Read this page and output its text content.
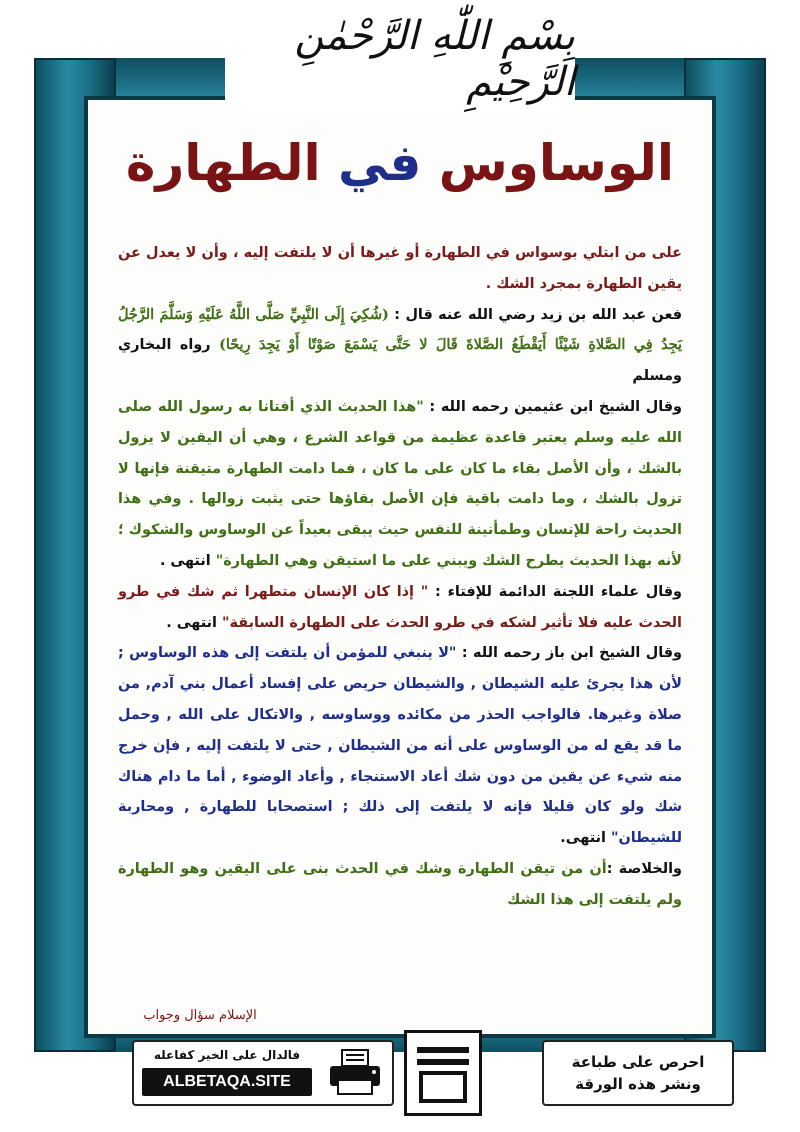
بِسْمِ اللّٰهِ الرَّحْمٰنِ الرَّحِيْمِ
الوساوس في الطهارة

على من ابتلي بوسواس في الطهارة أو غيرها أن لا يلتفت إليه ، وأن لا يعدل عن يقين الطهارة بمجرد الشك .

فعن عبد الله بن زيد رضي الله عنه قال : (شُكِيَ إِلَى النَّبِيِّ صَلَّى اللَّهُ عَلَيْهِ وَسَلَّمَ الرَّجُلُ يَجِدُ فِي الصَّلاةِ شَيْئًا أَيَقْطَعُ الصَّلاةَ قَالَ لا حَتَّى يَسْمَعَ صَوْتًا أَوْ يَجِدَ رِيحًا) رواه البخاري ومسلم

وقال الشيخ ابن عثيمين رحمه الله : "هذا الحديث الذي أفتانا به رسول الله صلى الله عليه وسلم يعتبر قاعدة عظيمة من قواعد الشرع ، وهي أن اليقين لا يزول بالشك ، وأن الأصل بقاء ما كان على ما كان ، فما دامت الطهارة متيقنة فإنها لا تزول بالشك ، وما دامت باقية فإن الأصل بقاؤها حتى يثبت زوالها . وفي هذا الحديث راحة للإنسان وطمأنينة للنفس حيث يبقى بعيداً عن الوساوس والشكوك ؛ لأنه بهذا الحديث يطرح الشك ويبني على ما استيقن وهي الطهارة" انتهى .

وقال علماء اللجنة الدائمة للإفتاء : " إذا كان الإنسان متطهرا ثم شك في طرو الحدث عليه فلا تأثير لشكه في طرو الحدث على الطهارة السابقة" انتهى .

وقال الشيخ ابن باز رحمه الله : "لا ينبغي للمؤمن أن يلتفت إلى هذه الوساوس ; لأن هذا يجرئ عليه الشيطان , والشيطان حريص على إفساد أعمال بني آدم, من صلاة وغيرها. فالواجب الحذر من مكائده ووساوسه , والاتكال على الله , وحمل ما قد يقع له من الوساوس على أنه من الشيطان , حتى لا يلتفت إليه , فإن خرج منه شيء عن يقين من دون شك أعاد الاستنجاء , وأعاد الوضوء , أما ما دام هناك شك ولو كان قليلا فإنه لا يلتفت إلى ذلك ; استصحابا للطهارة , ومحاربة للشيطان" انتهى.

والخلاصة :أن من تيقن الطهارة وشك في الحدث بنى على اليقين وهو الطهارة ولم يلتفت إلى هذا الشك

الإسلام سؤال وجواب
احرص على طباعة
ونشر هذه الورقة
فالدال على الخير كفاعله
ALBETAQA.SITE
